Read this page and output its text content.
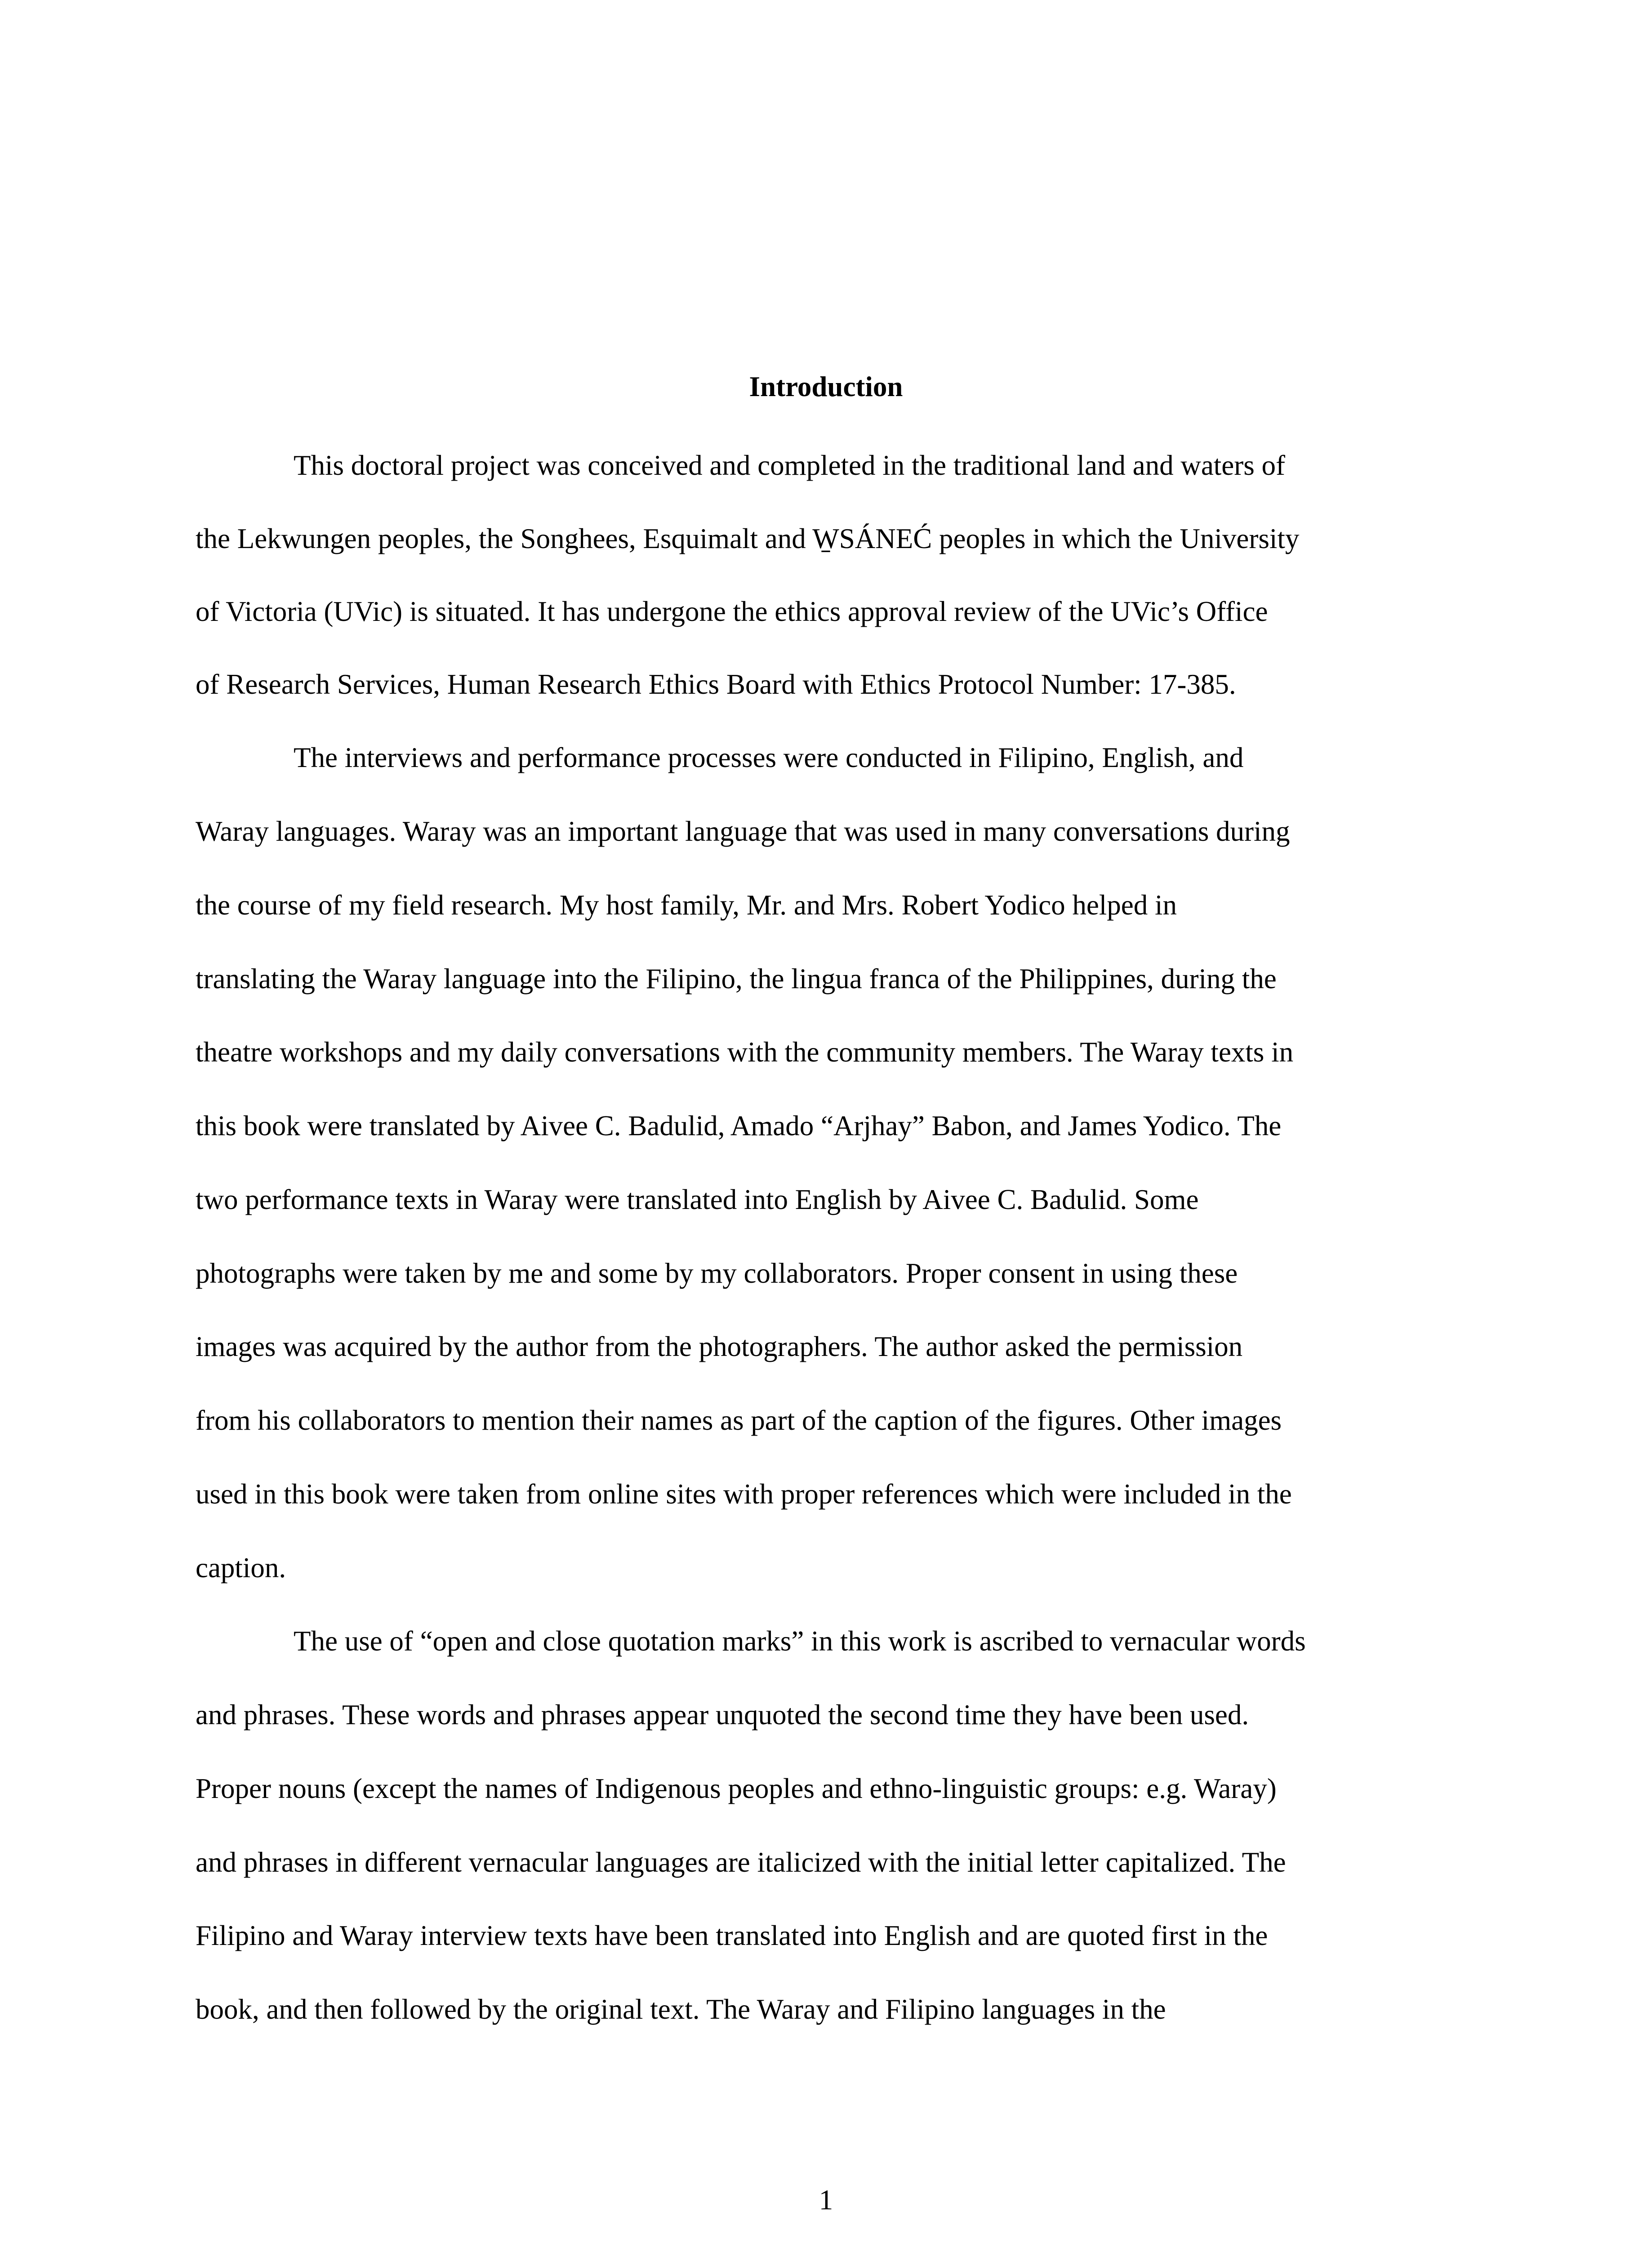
Introduction

This doctoral project was conceived and completed in the traditional land and waters of

the Lekwungen peoples, the Songhees, Esquimalt and W̱SÁNEĆ peoples in which the University

of Victoria (UVic) is situated. It has undergone the ethics approval review of the UVic’s Office

of Research Services, Human Research Ethics Board with Ethics Protocol Number: 17-385.

The interviews and performance processes were conducted in Filipino, English, and

Waray languages. Waray was an important language that was used in many conversations during

the course of my field research. My host family, Mr. and Mrs. Robert Yodico helped in

translating the Waray language into the Filipino, the lingua franca of the Philippines, during the

theatre workshops and my daily conversations with the community members. The Waray texts in

this book were translated by Aivee C. Badulid, Amado “Arjhay” Babon, and James Yodico. The

two performance texts in Waray were translated into English by Aivee C. Badulid. Some

photographs were taken by me and some by my collaborators. Proper consent in using these

images was acquired by the author from the photographers. The author asked the permission

from his collaborators to mention their names as part of the caption of the figures. Other images

used in this book were taken from online sites with proper references which were included in the

caption.

The use of “open and close quotation marks” in this work is ascribed to vernacular words

and phrases. These words and phrases appear unquoted the second time they have been used.

Proper nouns (except the names of Indigenous peoples and ethno-linguistic groups: e.g. Waray)

and phrases in different vernacular languages are italicized with the initial letter capitalized. The

Filipino and Waray interview texts have been translated into English and are quoted first in the

book, and then followed by the original text. The Waray and Filipino languages in the

1
